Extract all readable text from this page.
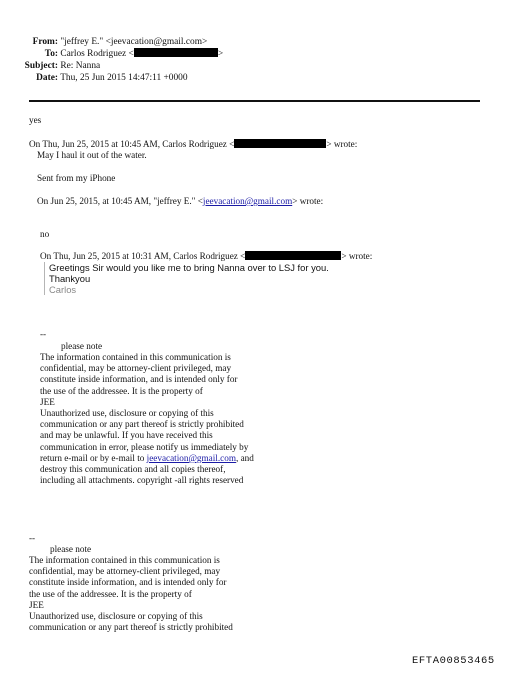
From: "jeffrey E." <jeevacation@gmail.com>
To: Carlos Rodriguez <	>
Subject: Re: Nanna
Date: Thu, 25 Jun 2015 14:47:11 +0000
yes
On Thu, Jun 25, 2015 at 10:45 AM, Carlos Rodriguez <	> wrote:
May I haul it out of the water.
Sent from my iPhone
On Jun 25, 2015, at 10:45 AM, "jeffrey E." <jeevacation@gmail.com> wrote:
no
On Thu, Jun 25, 2015 at 10:31 AM, Carlos Rodriguez <	> wrote:
Greetings Sir would you like me to bring Nanna over to LSJ for you.
Thankyou
Carlos
--
please note

The information contained in this communication is

confidential, may be attorney-client privileged, may

constitute inside information, and is intended only for

the use of the addressee. It is the property of

JEE

Unauthorized use, disclosure or copying of this

communication or any part thereof is strictly prohibited

and may be unlawful. If you have received this

communication in error, please notify us immediately by

return e-mail or by e-mail to jeevacation@gmail.com, and

destroy this communication and all copies thereof,

including all attachments. copyright -all rights reserved

--
please note

The information contained in this communication is

confidential, may be attorney-client privileged, may

constitute inside information, and is intended only for

the use of the addressee. It is the property of

JEE

Unauthorized use, disclosure or copying of this

communication or any part thereof is strictly prohibited

EFTA00853465
